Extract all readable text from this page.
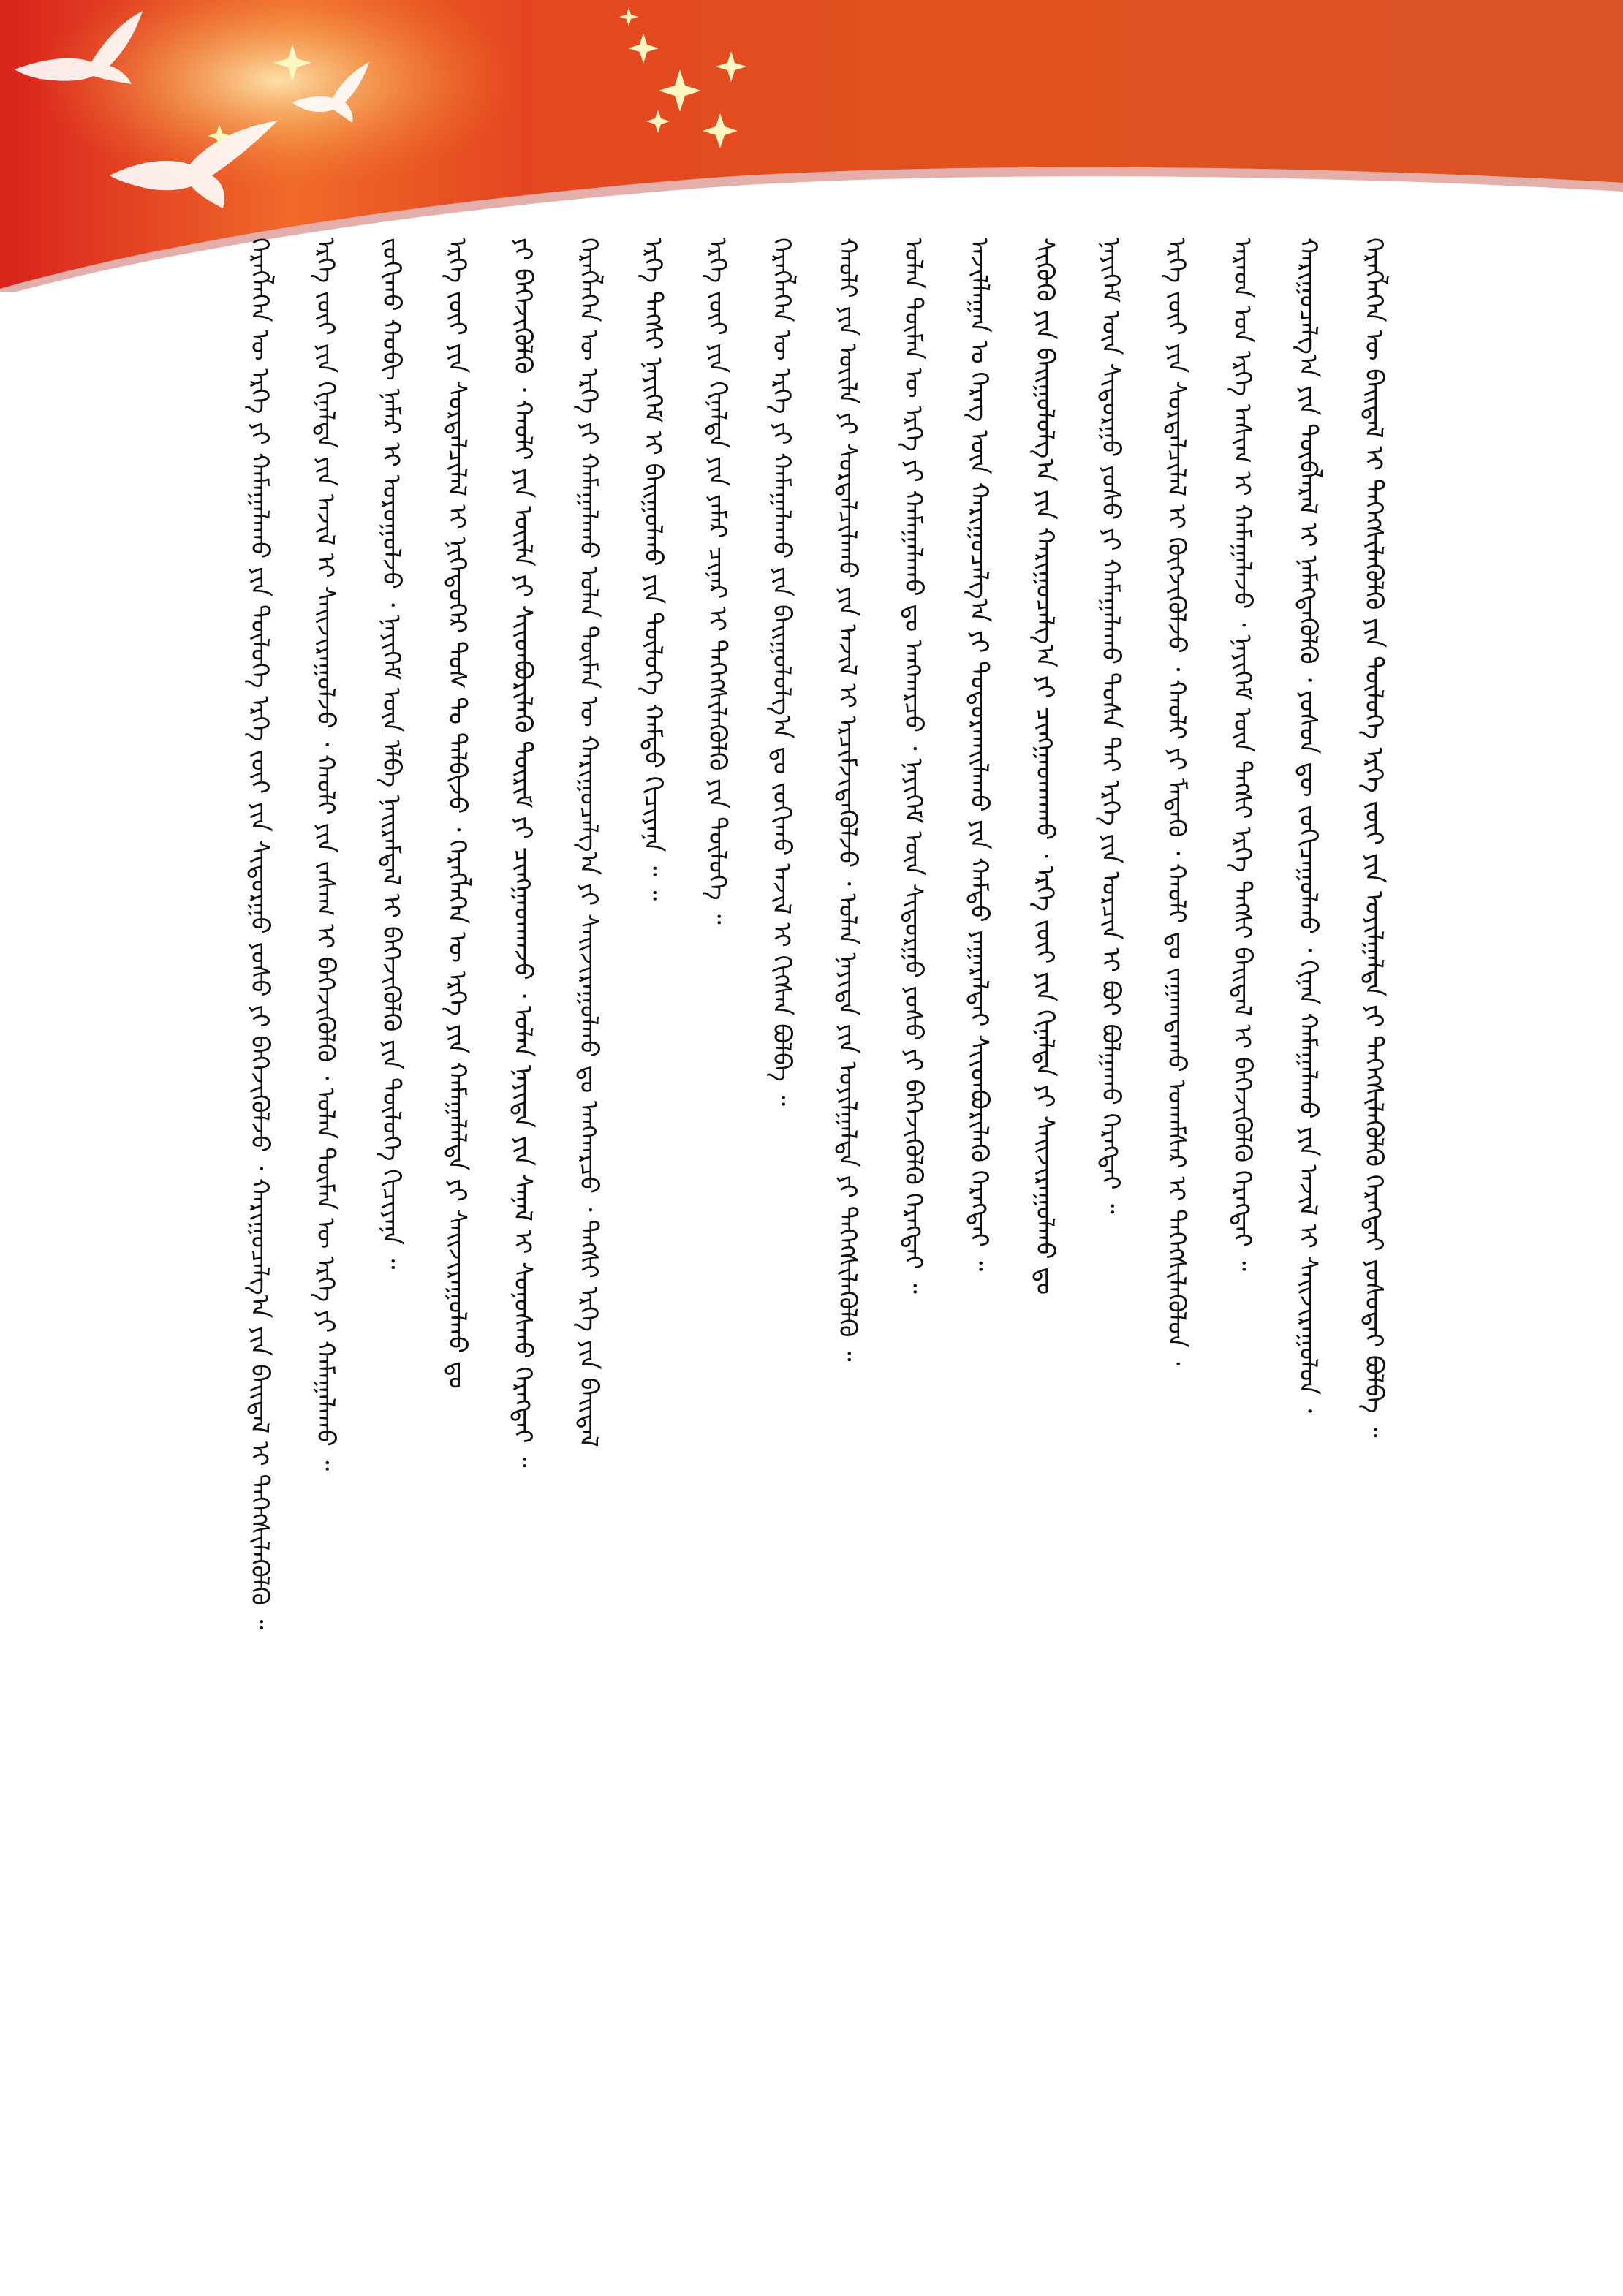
ᠬᠡᠷᠡᠭᠯᠡᠭᠡᠨ ᠦ ᠪᠠᠢᠳᠠᠯ ᠢ ᠳᠡᠭᠡᠭᠰᠢᠯᠡᠭᠦᠯᠬᠦ ᠶᠢᠨ ᠲᠥᠯᠥᠭᠡ ᠡᠷᠬᠡ ᠵᠦᠢ ᠶᠢᠨ ᠣᠶᠢᠯᠭᠠᠯᠲᠠ ᠶᠢ ᠳᠡᠭᠡᠭᠰᠢᠯᠡᠭᠦᠯᠬᠦ ᠬᠡᠷᠡᠭᠲᠡᠢ ᠶᠣᠰᠣᠲᠠᠢ ᠪᠣᠯᠪᠠ ᠃
ᠬᠠᠷᠢᠭᠤᠴᠠᠯᠭ᠎ᠠ ᠶᠢᠨ ᠲᠥᠪᠯᠡᠷᠡᠯ ᠢ ᠨᠡᠮᠡᠭᠳᠡᠭᠦᠯᠬᠦ ᠂ ᠶᠣᠰᠣᠨ ᠳᠦ ᠵᠣᠬᠢᠴᠠᠭᠤᠯᠬᠤ ᠂ ᠬᠢᠨᠠᠨ ᠬᠠᠮᠠᠭᠠᠯᠠᠬᠤ ᠶᠢᠨ ᠠᠵᠢᠯ ᠢ ᠰᠠᠢᠵᠢᠷᠠᠭᠤᠯᠤᠨ ᠂
ᠠᠷᠠᠳ ᠤᠨ ᠡᠷᠬᠡ ᠠᠱᠢᠭ ᠢ ᠬᠠᠮᠠᠭᠠᠯᠠᠵᠤ ᠂ ᠨᠡᠶᠢᠭᠡᠮ ᠦᠨ ᠲᠡᠭᠰᠢ ᠡᠷᠬᠡ ᠲᠡᠭᠰᠢ ᠪᠠᠢᠳᠠᠯ ᠢ ᠪᠡᠬᠡᠵᠢᠭᠦᠯᠬᠦ ᠬᠡᠷᠡᠭᠲᠡᠢ ᠃
ᠡᠷᠬᠡ ᠵᠦᠢ ᠶᠢᠨ ᠰᠤᠷᠲᠠᠯᠴᠢᠯᠠᠯ ᠢ ᠬᠥᠭᠵᠢᠭᠦᠯᠵᠦ ᠂ ᠬᠠᠤᠯᠢ ᠶᠢ ᠮᠡᠳᠡᠬᠦ ᠂ ᠬᠠᠤᠯᠢ ᠳᠤ ᠵᠠᠭᠠᠭᠳᠠᠬᠤ ᠤᠬᠠᠮᠰᠠᠷ ᠢ ᠳᠡᠭᠡᠭᠰᠢᠯᠡᠭᠦᠯᠦᠨ ᠂
ᠨᠡᠶᠢᠭᠡᠮ ᠦᠨ ᠰᠢᠳᠤᠷᠭᠤ ᠶᠣᠰᠣ ᠶᠢ ᠬᠠᠮᠠᠭᠠᠯᠠᠬᠤ ᠲᠤᠰᠠ ᠲᠠᠢ ᠡᠷᠬᠡ ᠶᠢᠨ ᠣᠷᠴᠢᠨ ᠢ ᠪᠣᠢ ᠪᠣᠯᠭᠠᠬᠤ ᠬᠡᠷᠡᠭᠲᠡᠢ ᠃
ᠰᠢᠭᠦᠬᠦ ᠶᠢᠨ ᠪᠠᠢᠭᠤᠯᠤᠯᠭ᠎ᠠ ᠶᠢᠨ ᠬᠠᠷᠢᠭᠤᠴᠠᠯᠭ᠎ᠠ ᠶᠢ ᠴᠢᠩᠭᠠᠳᠬᠠᠬᠤ ᠂ ᠡᠷᠬᠡ ᠵᠦᠢ ᠶᠢᠨ ᠬᠢᠨᠠᠯᠲᠠ ᠶᠢ ᠰᠠᠢᠵᠢᠷᠠᠭᠤᠯᠬᠤ ᠳᠤ
ᠠᠵᠢᠯᠯᠠᠭᠠᠨ ᠤ ᠬᠡᠷᠡᠭ ᠦᠨ ᠬᠠᠷᠢᠭᠤᠴᠠᠯᠭ᠎ᠠ ᠶᠢ ᠲᠣᠳᠣᠷᠬᠠᠢᠯᠠᠬᠤ ᠶᠢᠨ ᠬᠠᠮᠲᠤ ᠶᠠᠭᠠᠷᠠᠯᠲᠠᠢ ᠰᠢᠢᠳᠪᠦᠷᠢᠯᠡᠬᠦ ᠬᠡᠷᠡᠭᠲᠡᠢ ᠃
ᠣᠯᠠᠨ ᠲᠥᠮᠡᠨ ᠦ ᠡᠷᠬᠡ ᠶᠢ ᠬᠠᠮᠠᠭᠠᠯᠠᠬᠤ ᠳᠤ ᠠᠩᠬᠠᠷᠴᠤ ᠂ ᠨᠡᠶᠢᠭᠡᠮ ᠦᠨ ᠰᠢᠳᠤᠷᠭᠤ ᠶᠣᠰᠣ ᠶᠢ ᠪᠡᠬᠡᠵᠢᠭᠦᠯᠬᠦ ᠬᠡᠷᠡᠭᠲᠡᠢ ᠃
ᠬᠠᠤᠯᠢ ᠶᠢᠨ ᠦᠢᠯᠡ ᠶᠢ ᠰᠤᠷᠲᠠᠯᠴᠢᠯᠠᠬᠤ ᠶᠢᠨ ᠠᠵᠢᠯ ᠢ ᠡᠷᠴᠢᠮᠵᠢᠳᠡᠭᠦᠯᠵᠦ ᠂ ᠣᠯᠠᠨ ᠨᠡᠶᠢᠲᠡ ᠶᠢᠨ ᠣᠶᠢᠯᠭᠠᠯᠲᠠ ᠶᠢ ᠳᠡᠭᠡᠭᠰᠢᠯᠡᠭᠦᠯᠬᠦ ᠃
ᠬᠡᠷᠡᠭᠯᠡᠭᠡᠨ ᠦ ᠡᠷᠬᠡ ᠶᠢ ᠬᠠᠮᠠᠭᠠᠯᠠᠬᠤ ᠶᠢᠨ ᠪᠠᠢᠭᠤᠯᠤᠯᠭ᠎ᠠ ᠳᠤ ᠵᠣᠬᠢᠬᠤ ᠠᠵᠢᠯ ᠢ ᠬᠢᠭᠰᠡᠨ ᠪᠣᠯᠪᠠ ᠃
ᠡᠷᠬᠡ ᠵᠦᠢ ᠶᠢᠨ ᠬᠢᠨᠠᠯᠲᠠ ᠶᠢᠨ ᠶᠠᠮᠠᠷ ᠴᠢᠨᠠᠷ ᠢ ᠳᠡᠭᠡᠭᠰᠢᠯᠡᠭᠦᠯᠬᠦ ᠶᠢᠨ ᠲᠥᠯᠥᠭᠡ ᠃
ᠡᠷᠬᠡ ᠲᠡᠭᠰᠢ ᠨᠡᠶᠢᠭᠡᠮ ᠢ ᠪᠠᠢᠭᠤᠯᠬᠤ ᠶᠢᠨ ᠲᠥᠯᠥᠭᠡ ᠬᠠᠮᠲᠤ ᠬᠢᠴᠢᠶᠡᠨᠡ ᠃ ᠃
ᠬᠡᠷᠡᠭᠯᠡᠭᠡᠨ ᠦ ᠡᠷᠬᠡ ᠶᠢ ᠬᠠᠮᠠᠭᠠᠯᠠᠬᠤ ᠣᠯᠠᠨ ᠲᠥᠮᠡᠨ ᠦ ᠬᠠᠷᠢᠭᠤᠴᠠᠯᠭ᠎ᠠ ᠶᠢ ᠰᠠᠢᠵᠢᠷᠠᠭᠤᠯᠬᠤ ᠳᠤ ᠠᠩᠬᠠᠷᠴᠤ ᠂ ᠲᠡᠭᠰᠢ ᠡᠷᠬᠡ ᠶᠢᠨ ᠪᠠᠢᠳᠠᠯ
ᠶᠢ ᠪᠡᠬᠡᠵᠢᠭᠦᠯᠬᠦ ᠂ ᠬᠠᠤᠯᠢ ᠶᠢᠨ ᠦᠢᠯᠡ ᠶᠢ ᠰᠢᠢᠳᠪᠦᠷᠢᠯᠡᠬᠦ ᠳᠦᠷᠢᠮ ᠶᠢ ᠴᠢᠩᠭᠠᠳᠬᠠᠵᠤ ᠂ ᠣᠯᠠᠨ ᠨᠡᠶᠢᠲᠡ ᠶᠢᠨ ᠰᠠᠨᠠᠯ ᠢ ᠰᠣᠨᠣᠰᠬᠤ ᠬᠡᠷᠡᠭᠲᠡᠢ ᠃
ᠡᠷᠬᠡ ᠵᠦᠢ ᠶᠢᠨ ᠰᠤᠷᠲᠠᠯᠴᠢᠯᠠᠯ ᠢ ᠨᠢᠭᠡᠳᠦᠭᠡᠷ ᠲᠤᠰ ᠲᠤ ᠲᠠᠯᠪᠢᠵᠤ ᠂ ᠬᠡᠷᠡᠭᠯᠡᠭᠡᠨ ᠦ ᠡᠷᠬᠡ ᠶᠢᠨ ᠬᠠᠮᠠᠭᠠᠯᠠᠯᠲᠠ ᠶᠢ ᠰᠠᠢᠵᠢᠷᠠᠭᠤᠯᠬᠤ ᠳᠤ
ᠵᠣᠬᠢᠬᠤ ᠬᠤᠪᠢ ᠨᠡᠮᠡᠷ ᠢ ᠣᠷᠤᠭᠤᠯᠵᠤ ᠂ ᠨᠡᠶᠢᠭᠡᠮ ᠦᠨ ᠡᠯᠪᠡ ᠨᠠᠢᠷᠠᠮᠳᠠᠯ ᠢ ᠪᠡᠬᠡᠵᠢᠭᠦᠯᠬᠦ ᠶᠢᠨ ᠲᠥᠯᠥᠭᠡ ᠬᠢᠴᠢᠶᠡᠨᠡ ᠃
ᠡᠷᠬᠡ ᠵᠦᠢ ᠶᠢᠨ ᠬᠢᠨᠠᠯᠲᠠ ᠶᠢᠨ ᠠᠵᠢᠯ ᠢ ᠰᠠᠢᠵᠢᠷᠠᠭᠤᠯᠵᠤ ᠂ ᠬᠠᠤᠯᠢ ᠶᠢᠨ ᠵᠠᠰᠠᠭ ᠢ ᠪᠡᠬᠡᠵᠢᠭᠦᠯᠬᠦ ᠂ ᠣᠯᠠᠨ ᠲᠥᠮᠡᠨ ᠦ ᠡᠷᠬᠡ ᠶᠢ ᠬᠠᠮᠠᠭᠠᠯᠠᠬᠤ ᠃
ᠬᠡᠷᠡᠭᠯᠡᠭᠡᠨ ᠦ ᠡᠷᠬᠡ ᠶᠢ ᠬᠠᠮᠠᠭᠠᠯᠠᠬᠤ ᠶᠢᠨ ᠲᠥᠯᠥᠭᠡ ᠡᠷᠬᠡ ᠵᠦᠢ ᠶᠢᠨ ᠰᠢᠳᠤᠷᠭᠤ ᠶᠣᠰᠣ ᠶᠢ ᠪᠡᠬᠡᠵᠢᠭᠦᠯᠵᠦ ᠂ ᠬᠠᠷᠢᠭᠤᠴᠠᠯᠭ᠎ᠠ ᠶᠢᠨ ᠪᠠᠢᠳᠠᠯ ᠢ ᠳᠡᠭᠡᠭᠰᠢᠯᠡᠭᠦᠯᠬᠦ ᠃
